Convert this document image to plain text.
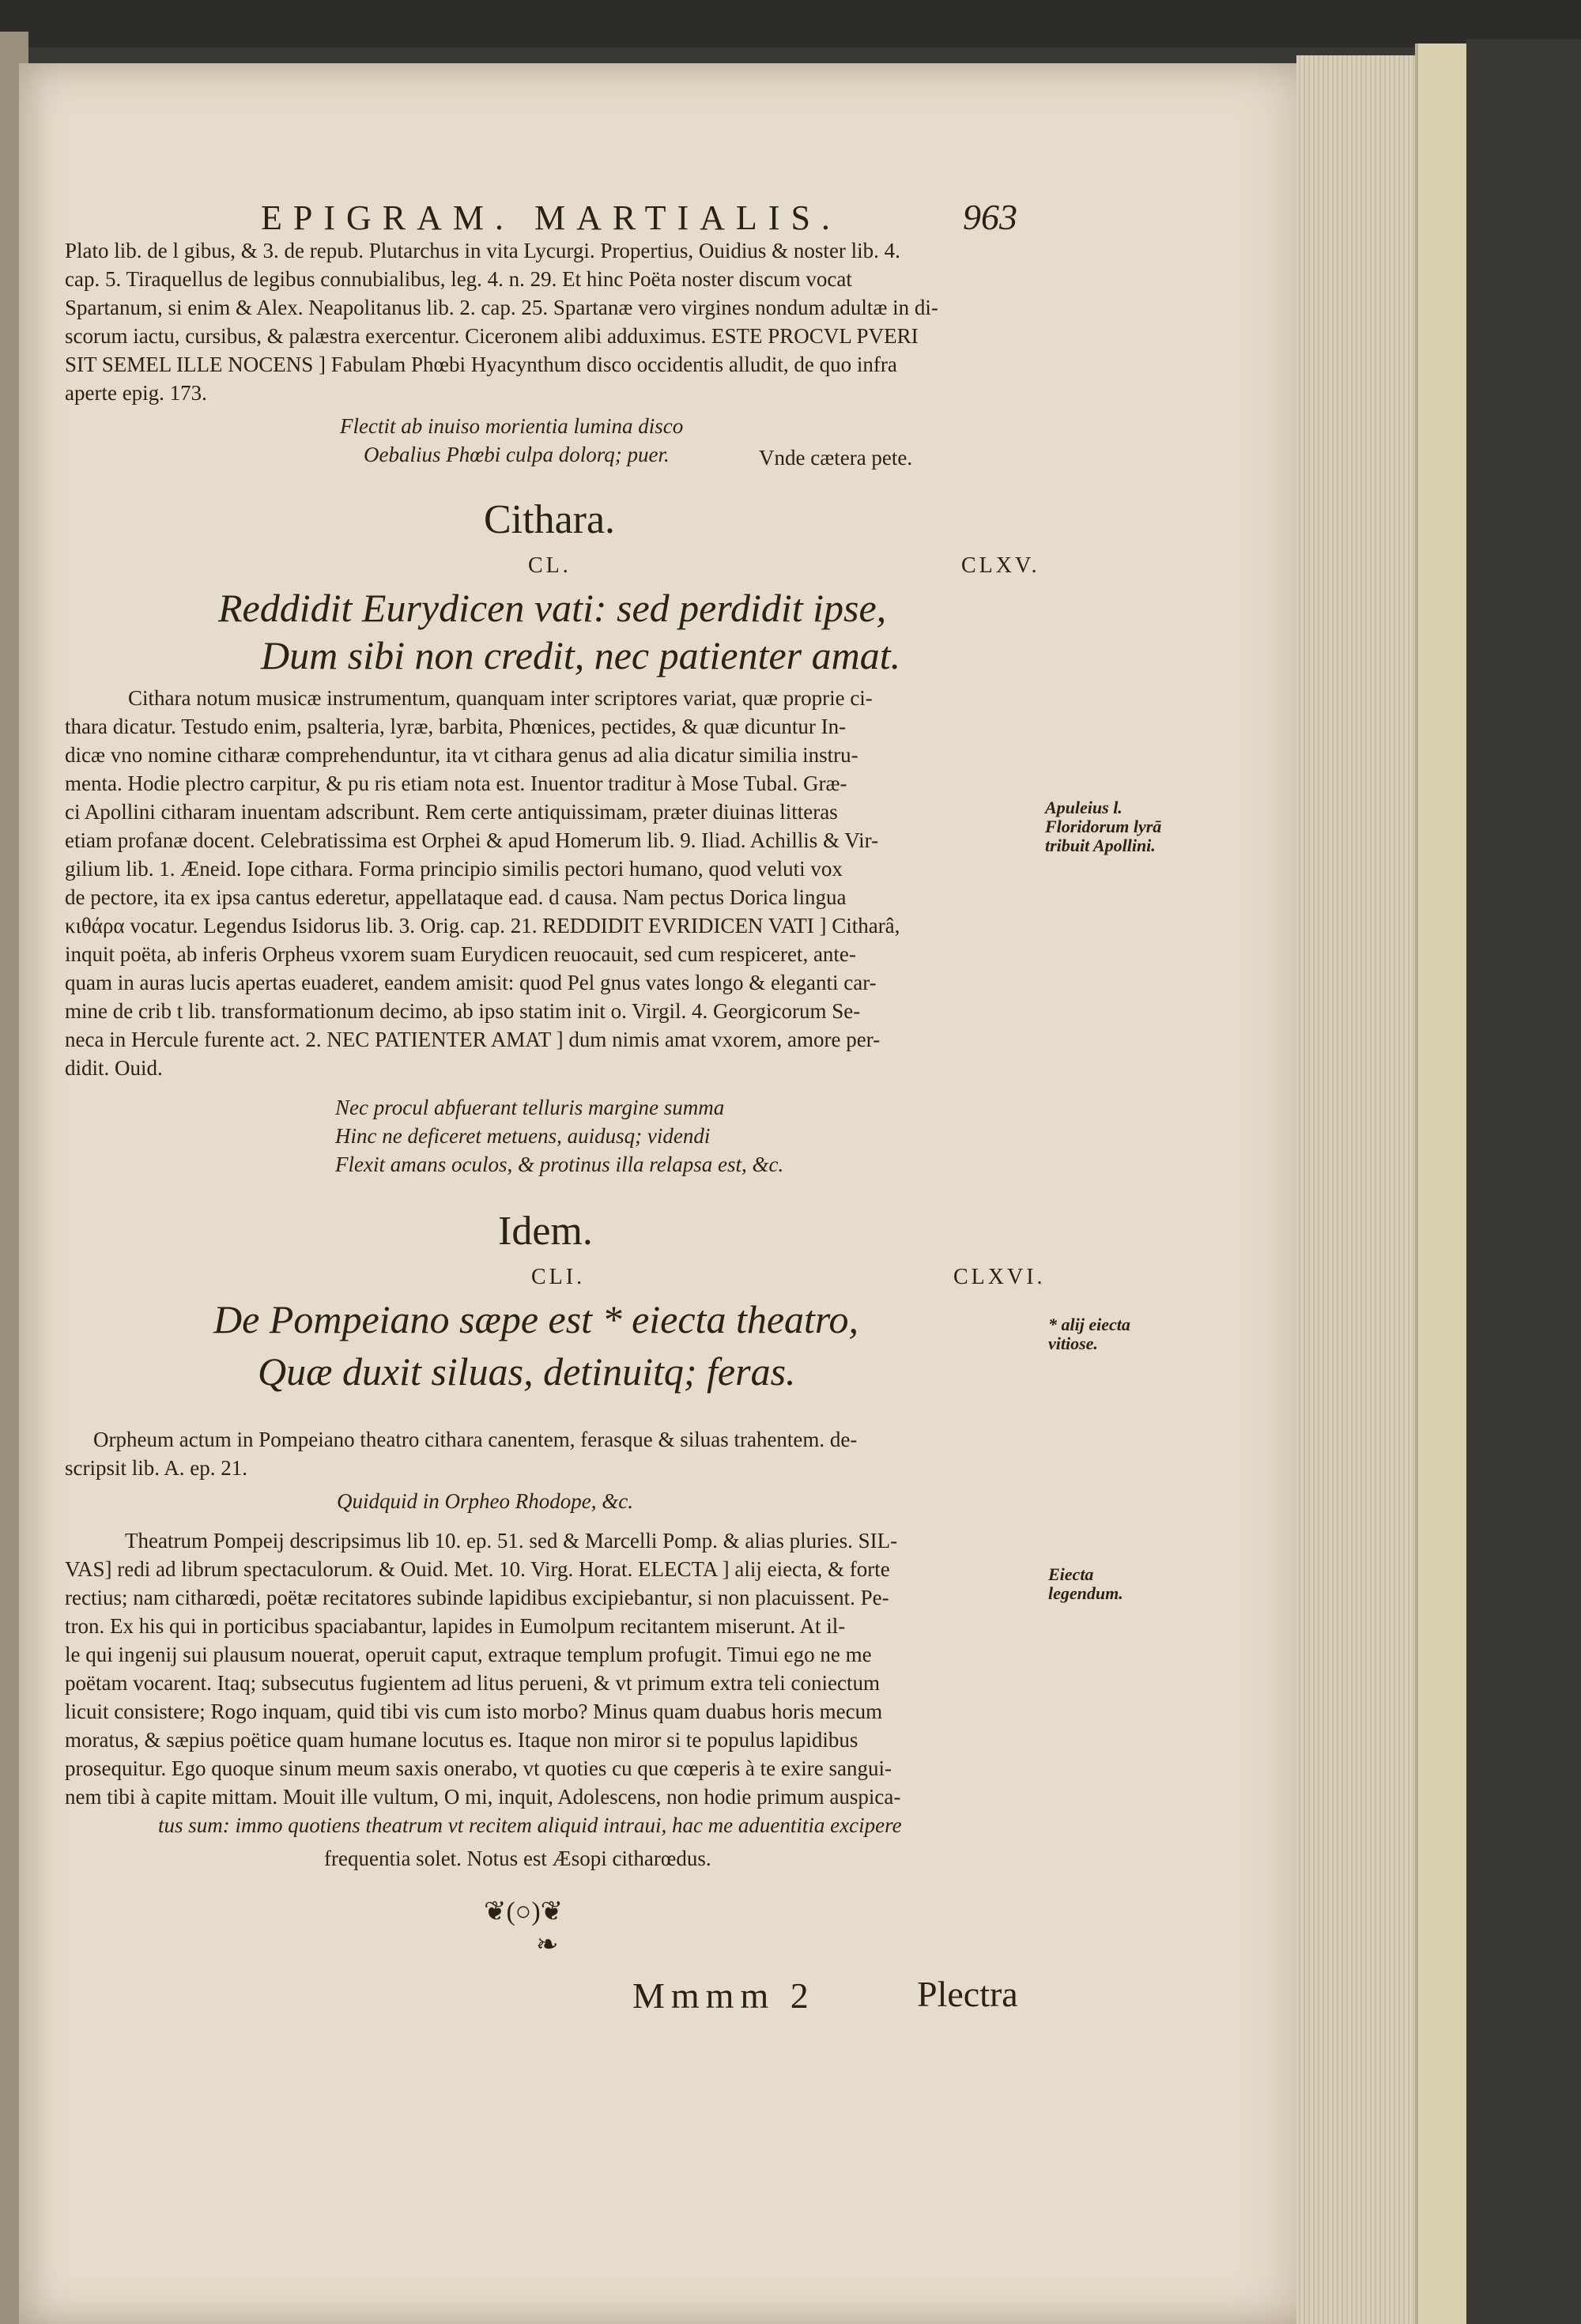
EPIGRAM. MARTIALIS.	963
Plato lib. de l gibus, & 3. de repub. Plutarchus in vita Lycurgi. Propertius, Ouidius & noster lib. 4.
cap. 5. Tiraquellus de legibus connubialibus, leg. 4. n. 29. Et hinc Poëta noster discum vocat
Spartanum, si enim & Alex. Neapolitanus lib. 2. cap. 25. Spartanæ vero virgines nondum adultæ in di-
scorum iactu, cursibus, & palæstra exercentur. Ciceronem alibi adduximus. ESTE PROCVL PVERI
SIT SEMEL ILLE NOCENS ] Fabulam Phœbi Hyacynthum disco occidentis alludit, de quo infra
aperte epig. 173.
Flectit ab inuiso morientia lumina disco
Oebalius Phœbi culpa dolorq; puer.	Vnde cætera pete.
Cithara.
CL.	CLXV.
Reddidit Eurydicen vati: sed perdidit ipse,
Dum sibi non credit, nec patienter amat.
Cithara notum musicæ instrumentum, quanquam inter scriptores variat, quæ proprie ci-
thara dicatur. Testudo enim, psalteria, lyræ, barbita, Phœnices, pectides, & quæ dicuntur In-
dicæ vno nomine citharæ comprehenduntur, ita vt cithara genus ad alia dicatur similia instru-
menta. Hodie plectro carpitur, & pu ris etiam nota est. Inuentor traditur à Mose Tubal. Græ-
ci Apollini citharam inuentam adscribunt. Rem certe antiquissimam, præter diuinas litteras
etiam profanæ docent. Celebratissima est Orphei & apud Homerum lib. 9. Iliad. Achillis & Vir-
gilium lib. 1. Æneid. Iope cithara. Forma principio similis pectori humano, quod veluti vox
de pectore, ita ex ipsa cantus ederetur, appellataque ead. d causa. Nam pectus Dorica lingua
κιθάρα vocatur. Legendus Isidorus lib. 3. Orig. cap. 21. REDDIDIT EVRIDICEN VATI ] Citharâ,
inquit poëta, ab inferis Orpheus vxorem suam Eurydicen reuocauit, sed cum respiceret, ante-
quam in auras lucis apertas euaderet, eandem amisit: quod Pel gnus vates longo & eleganti car-
mine de crib t lib. transformationum decimo, ab ipso statim init o. Virgil. 4. Georgicorum Se-
neca in Hercule furente act. 2. NEC PATIENTER AMAT ] dum nimis amat vxorem, amore per-
didit. Ouid.
Nec procul abfuerant telluris margine summa
Hinc ne deficeret metuens, auidusq; videndi
Flexit amans oculos, & protinus illa relapsa est, &c.
Apuleius l. Floridorum lyrā tribuit Apollini.
Idem.
CLI.	CLXVI.
De Pompeiano sæpe est * eiecta theatro,
Quæ duxit siluas, detinuitq; feras.
Orpheum actum in Pompeiano theatro cithara canentem, ferasque & siluas trahentem. de-
scripsit lib. A. ep. 21.
Quidquid in Orpheo Rhodope, &c.
Theatrum Pompeij descripsimus lib 10. ep. 51. sed & Marcelli Pomp. & alias pluries. SIL-
VAS] redi ad librum spectaculorum. & Ouid. Met. 10. Virg. Horat. ELECTA ] alij eiecta, & forte
rectius; nam citharœdi, poëtæ recitatores subinde lapidibus excipiebantur, si non placuissent. Pe-
tron. Ex his qui in porticibus spaciabantur, lapides in Eumolpum recitantem miserunt. At il-
le qui ingenij sui plausum nouerat, operuit caput, extraque templum profugit. Timui ego ne me
poëtam vocarent. Itaq; subsecutus fugientem ad litus perueni, & vt primum extra teli coniectum
licuit consistere; Rogo inquam, quid tibi vis cum isto morbo? Minus quam duabus horis mecum
moratus, & sæpius poëtice quam humane locutus es. Itaque non miror si te populus lapidibus
prosequitur. Ego quoque sinum meum saxis onerabo, vt quoties cu que cœperis à te exire sangui-
nem tibi à capite mittam. Mouit ille vultum, O mi, inquit, Adolescens, non hodie primum auspica-
tus sum: immo quotiens theatrum vt recitem aliquid intraui, hac me aduentitia excipere
frequentia solet. Notus est Æsopi citharœdus.
* alij eiecta vitiose.
Eiecta legendum.
❦(○)❦
❧
Mmmm 2	Plectra
